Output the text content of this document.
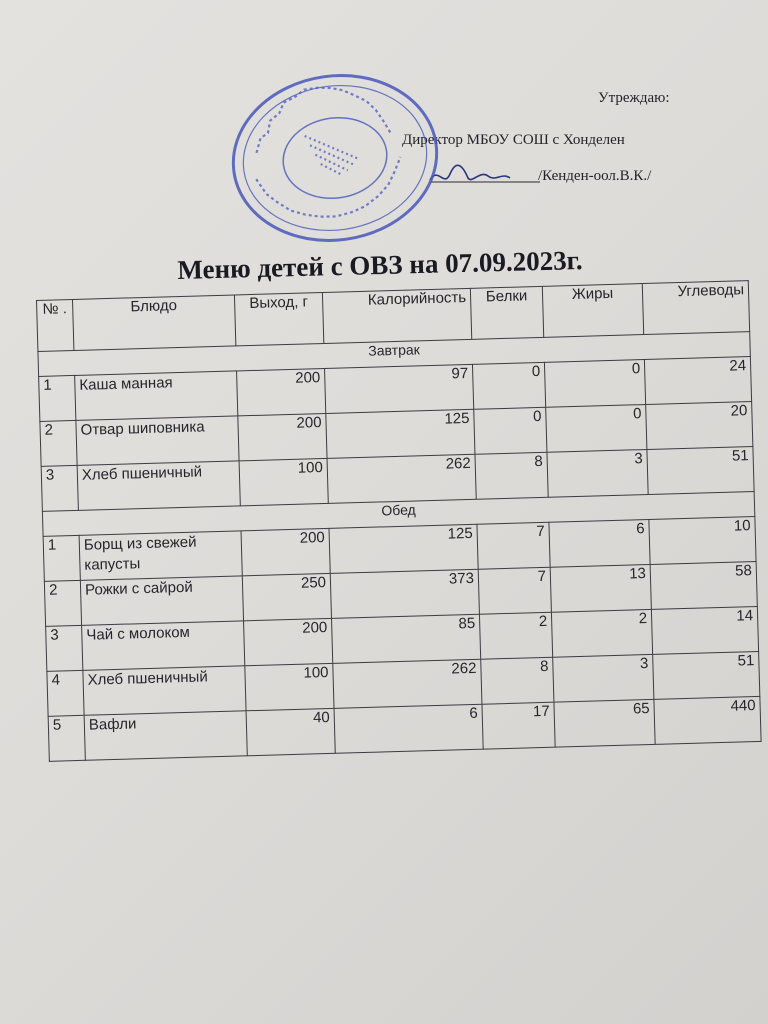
Утреждаю:
Директор МБОУ СОШ с Хонделен
/Кенден-оол.В.К./
Меню детей с ОВЗ на 07.09.2023г.
№ .	Блюдо	Выход, г	Калорийность	Белки	Жиры	Углеводы
Завтрак						
1	Каша манная	200	97	0	0	24
2	Отвар шиповника	200	125	0	0	20
3	Хлеб пшеничный	100	262	8	3	51
Обед						
1	Борщ из свежей капусты	200	125	7	6	10
2	Рожки с сайрой	250	373	7	13	58
3	Чай с молоком	200	85	2	2	14
4	Хлеб пшеничный	100	262	8	3	51
5	Вафли	40	6	17	65	440
